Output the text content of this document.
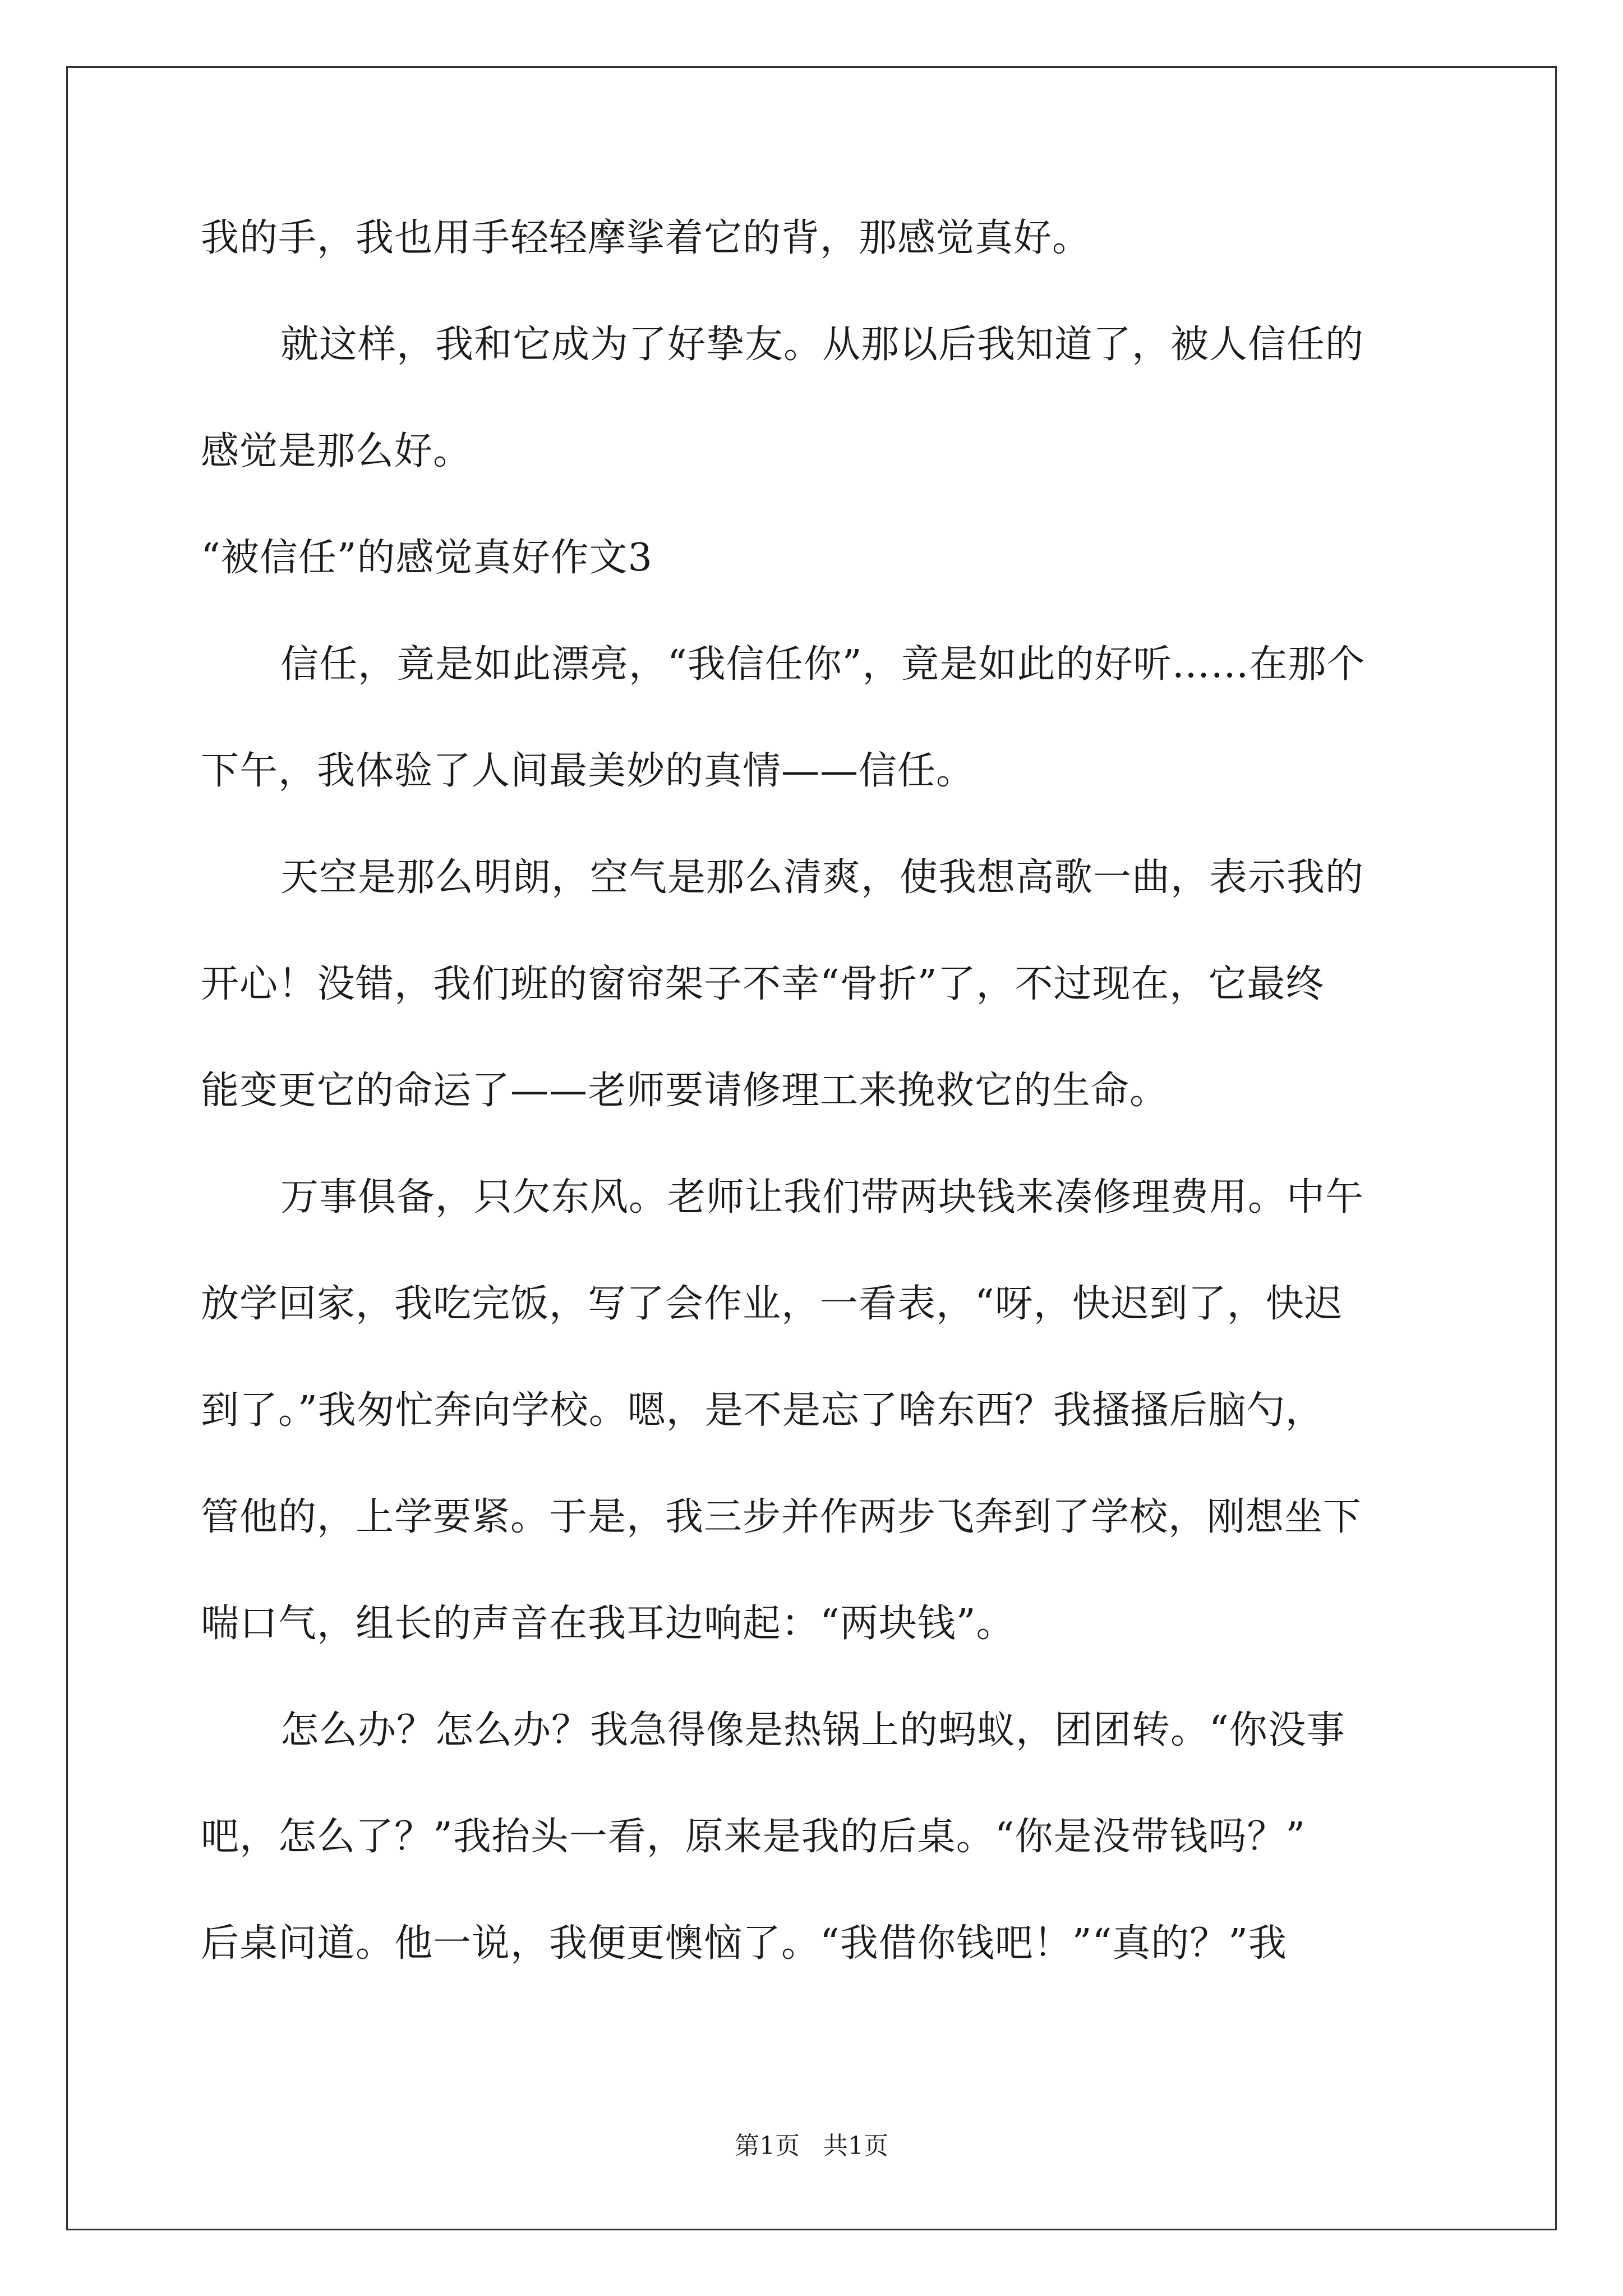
我的手，我也用手轻轻摩挲着它的背，那感觉真好。
就这样，我和它成为了好挚友。从那以后我知道了，被人信任的
感觉是那么好。
“被信任”的感觉真好作文3
信任，竟是如此漂亮，“我信任你”，竟是如此的好听……在那个
下午，我体验了人间最美妙的真情——信任。
天空是那么明朗，空气是那么清爽，使我想高歌一曲，表示我的
开心！没错，我们班的窗帘架子不幸“骨折”了，不过现在，它最终
能变更它的命运了——老师要请修理工来挽救它的生命。
万事俱备，只欠东风。老师让我们带两块钱来凑修理费用。中午
放学回家，我吃完饭，写了会作业，一看表，“呀，快迟到了，快迟
到了。”我匆忙奔向学校。嗯，是不是忘了啥东西？我搔搔后脑勺，
管他的，上学要紧。于是，我三步并作两步飞奔到了学校，刚想坐下
喘口气，组长的声音在我耳边响起：“两块钱”。
怎么办？怎么办？我急得像是热锅上的蚂蚁，团团转。“你没事
吧，怎么了？”我抬头一看，原来是我的后桌。“你是没带钱吗？”
后桌问道。他一说，我便更懊恼了。“我借你钱吧！”“真的？”我
第1页   共1页
